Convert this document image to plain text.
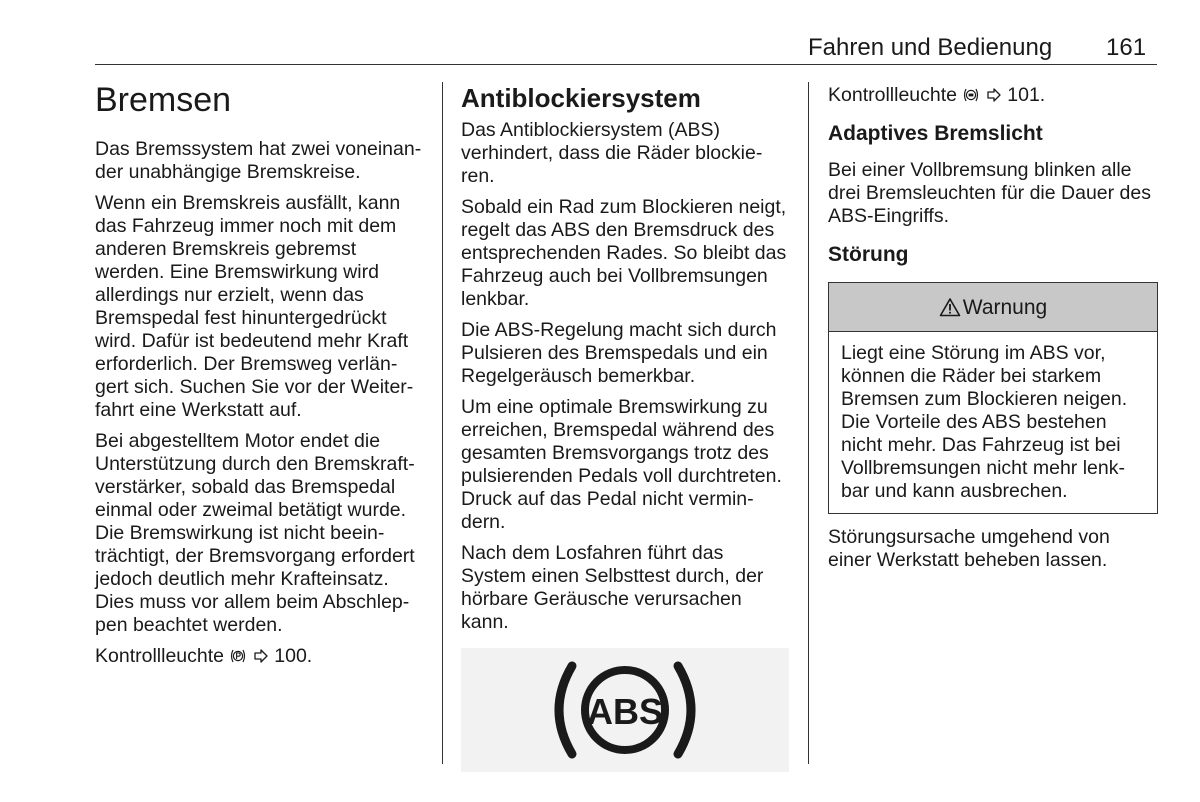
Fahren und Bedienung 161
Bremsen

Das Bremssystem hat zwei voneinan-der unabhängige Bremskreise.

Wenn ein Bremskreis ausfällt, kann das Fahrzeug immer noch mit dem anderen Bremskreis gebremst werden. Eine Bremswirkung wird allerdings nur erzielt, wenn das Bremspedal fest hinuntergedrückt wird. Dafür ist bedeutend mehr Kraft erforderlich. Der Bremsweg verlän-gert sich. Suchen Sie vor der Weiter-fahrt eine Werkstatt auf.

Bei abgestelltem Motor endet die Unterstützung durch den Bremskraft-verstärker, sobald das Bremspedal einmal oder zweimal betätigt wurde. Die Bremswirkung ist nicht beein-trächtigt, der Bremsvorgang erfordert jedoch deutlich mehr Krafteinsatz. Dies muss vor allem beim Abschlep-pen beachtet werden.

Kontrollleuchte	100.

Antiblockiersystem

Das Antiblockiersystem (ABS) verhindert, dass die Räder blockie-ren.

Sobald ein Rad zum Blockieren neigt, regelt das ABS den Bremsdruck des entsprechenden Rades. So bleibt das Fahrzeug auch bei Vollbremsungen lenkbar.

Die ABS-Regelung macht sich durch Pulsieren des Bremspedals und ein Regelgeräusch bemerkbar.

Um eine optimale Bremswirkung zu erreichen, Bremspedal während des gesamten Bremsvorgangs trotz des pulsierenden Pedals voll durchtreten. Druck auf das Pedal nicht vermin-dern.

Nach dem Losfahren führt das System einen Selbsttest durch, der hörbare Geräusche verursachen kann.

ABS

Kontrollleuchte	101.

Adaptives Bremslicht

Bei einer Vollbremsung blinken alle drei Bremsleuchten für die Dauer des ABS-Eingriffs.

Störung
Warnung
Liegt eine Störung im ABS vor, können die Räder bei starkem Bremsen zum Blockieren neigen. Die Vorteile des ABS bestehen nicht mehr. Das Fahrzeug ist bei Vollbremsungen nicht mehr lenk-bar und kann ausbrechen.

Störungsursache umgehend von einer Werkstatt beheben lassen.
